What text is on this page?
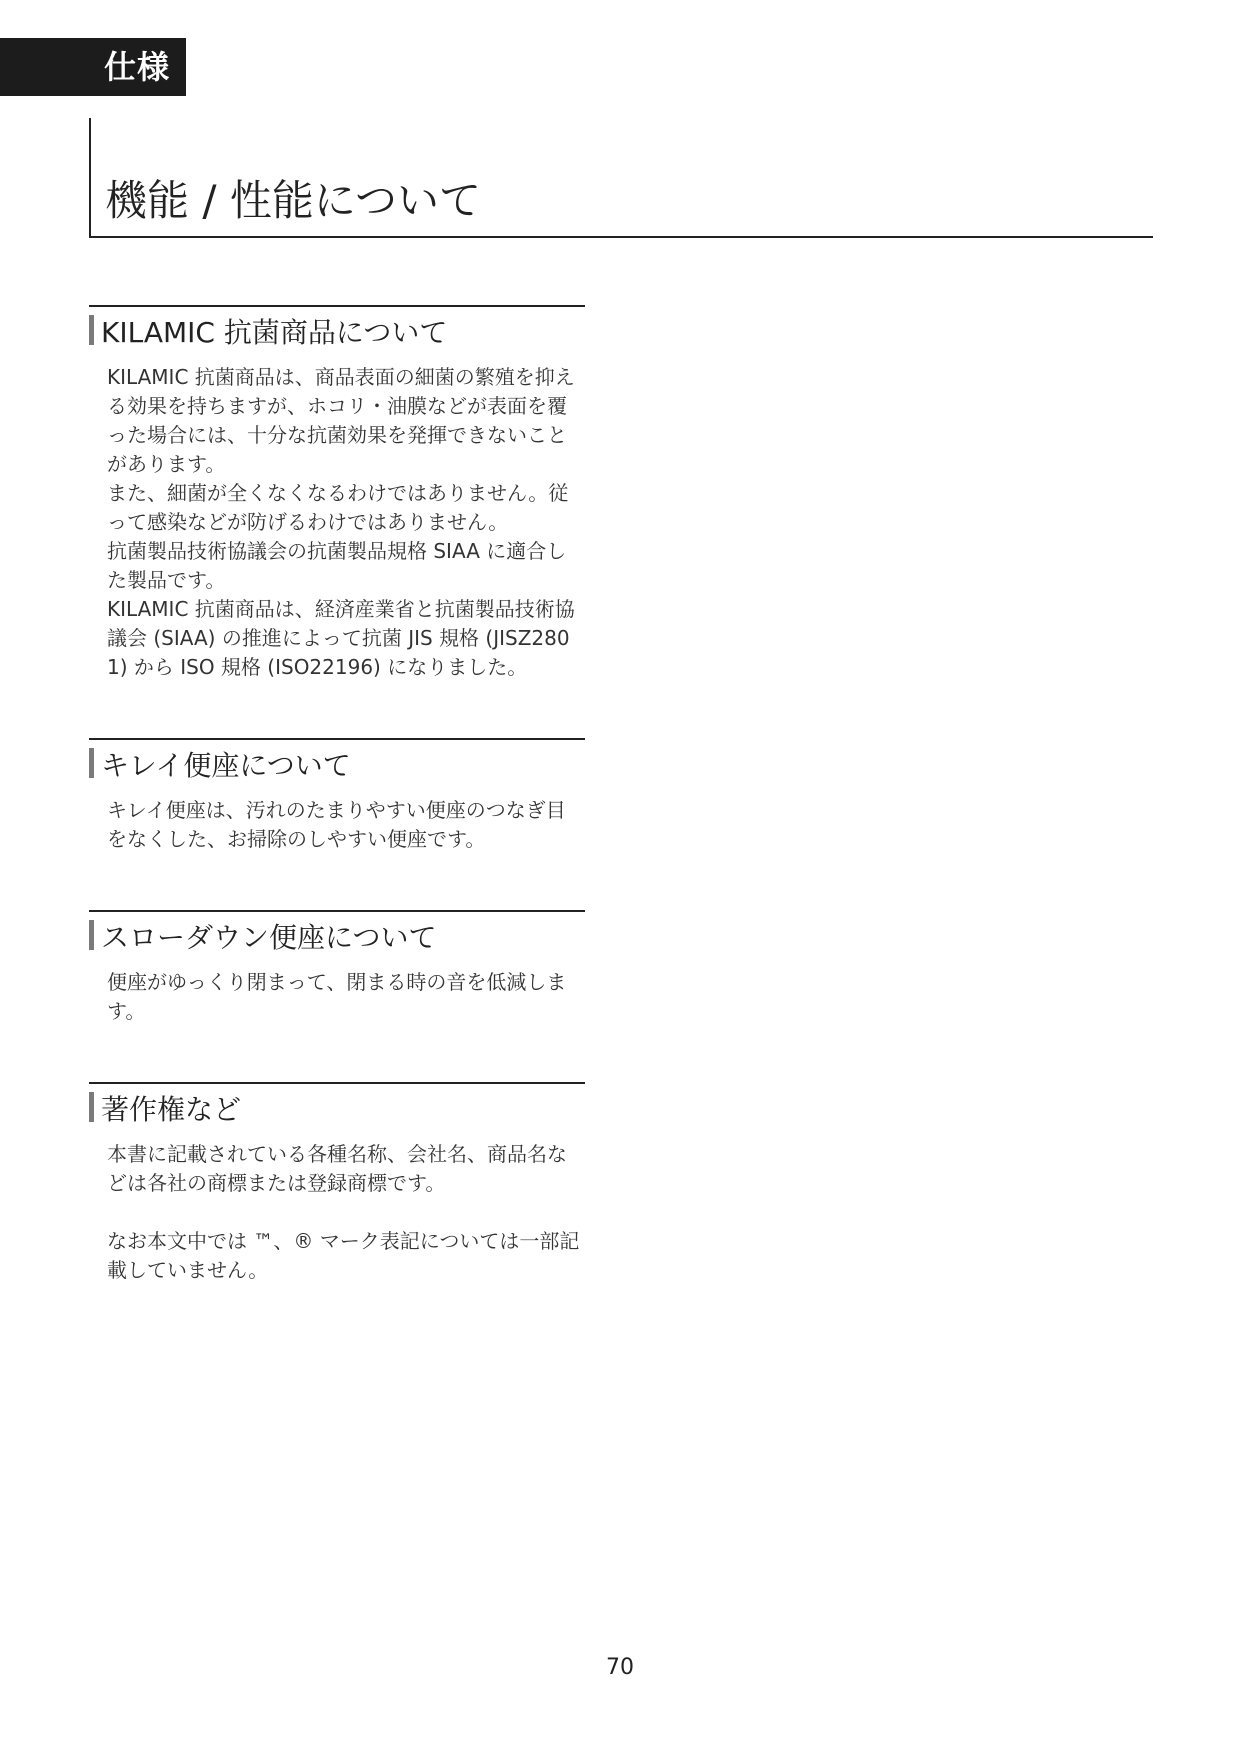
仕様
機能 / 性能について
KILAMIC 抗菌商品について

KILAMIC 抗菌商品は、商品表面の細菌の繁殖を抑える効果を持ちますが、ホコリ・油膜などが表面を覆った場合には、十分な抗菌効果を発揮できないことがあります。

また、細菌が全くなくなるわけではありません。従って感染などが防げるわけではありません。

抗菌製品技術協議会の抗菌製品規格 SIAA に適合した製品です。

KILAMIC 抗菌商品は、経済産業省と抗菌製品技術協議会 (SIAA) の推進によって抗菌 JIS 規格 (JISZ2801) から ISO 規格 (ISO22196) になりました。

キレイ便座について

キレイ便座は、汚れのたまりやすい便座のつなぎ目をなくした、お掃除のしやすい便座です。

スローダウン便座について

便座がゆっくり閉まって、閉まる時の音を低減します。

著作権など

本書に記載されている各種名称、会社名、商品名などは各社の商標または登録商標です。

なお本文中では ™、® マーク表記については一部記載していません。

70
